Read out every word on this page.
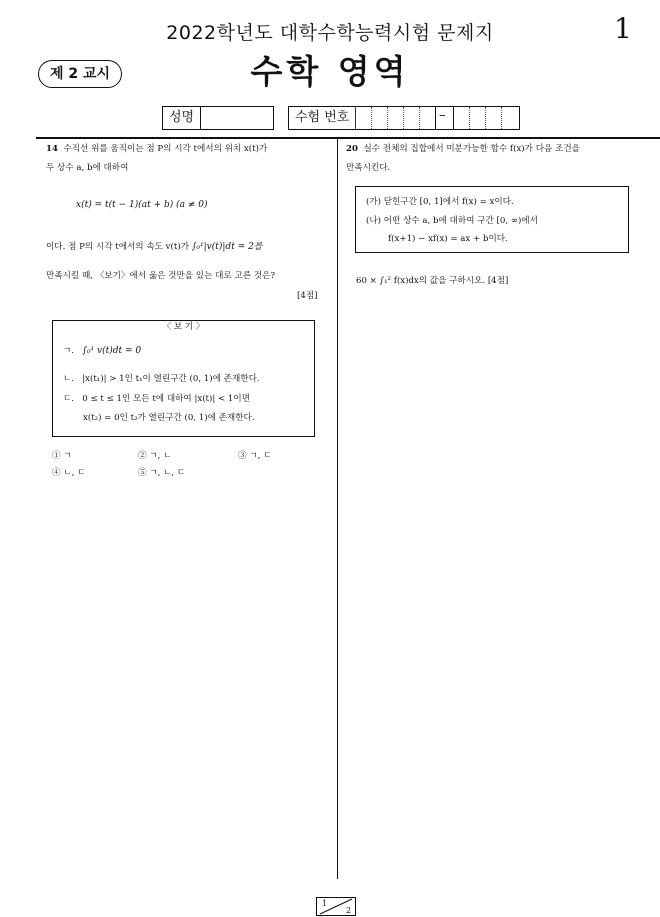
2022학년도 대학수학능력시험 문제지	1
제 2 교시	수학 영역
성명	수험 번호	–
14 수직선 위를 움직이는 점 P의 시각 t에서의 위치 x(t)가
두 상수 a, b에 대하여
x(t) = t(t − 1)(at + b) (a ≠ 0)
이다. 점 P의 시각 t에서의 속도 v(t)가 ∫₀¹|v(t)|dt = 2를
만족시킬 때, 〈보기〉에서 옳은 것만을 있는 대로 고른 것은?
[4점]
〈 보 기 〉
ㄱ. ∫₀¹ v(t)dt = 0
ㄴ. |x(t₁)| > 1인 t₁이 열린구간 (0, 1)에 존재한다.
ㄷ. 0 ≤ t ≤ 1인 모든 t에 대하여 |x(t)| < 1이면
x(t₂) = 0인 t₂가 열린구간 (0, 1)에 존재한다.
① ㄱ	② ㄱ, ㄴ	③ ㄱ, ㄷ
④ ㄴ, ㄷ	⑤ ㄱ, ㄴ, ㄷ
20 실수 전체의 집합에서 미분가능한 함수 f(x)가 다음 조건을
만족시킨다.
(가) 닫힌구간 [0, 1]에서 f(x) = x이다.
(나) 어떤 상수 a, b에 대하여 구간 [0, ∞)에서
f(x+1) − xf(x) = ax + b이다.
60 × ∫₁² f(x)dx의 값을 구하시오. [4점]
1
2
